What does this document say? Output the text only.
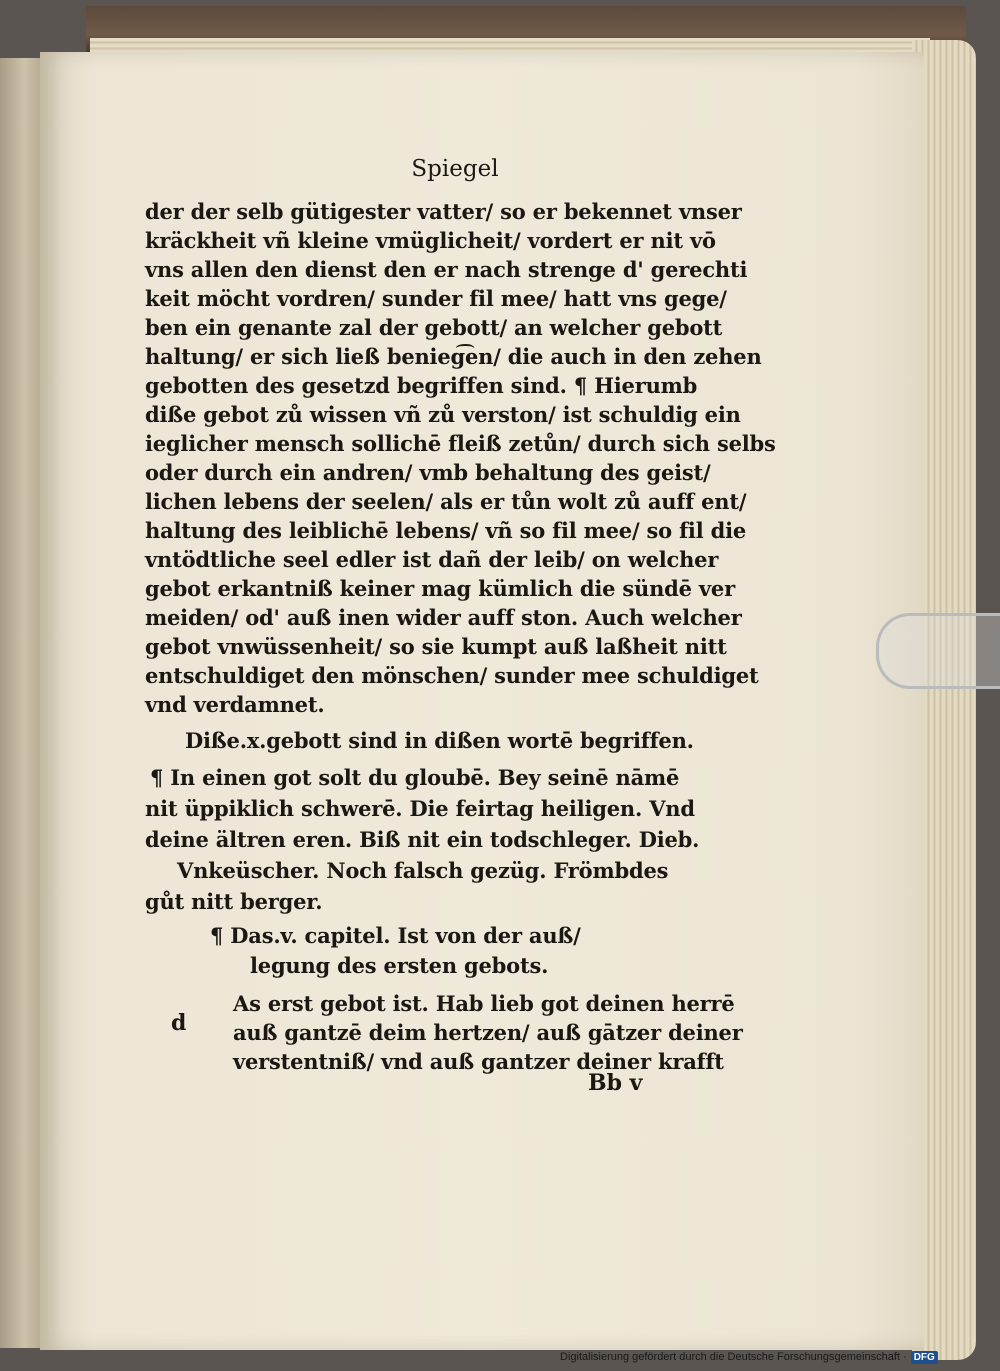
Spiegel
der der selb gütigester vatter/ so er bekennet vnser
kräckheit vñ kleine vmüglicheit/ vordert er nit vō
vns allen den dienst den er nach strenge d' gerechti
keit möcht vordren/ sunder fil mee/ hatt vns gege/
ben ein genante zal der gebott/ an welcher gebott
haltung/ er sich ließ benieg͡en/ die auch in den zehen
gebotten des gesetzd begriffen sind. ¶ Hierumb
diße gebot zů wissen vñ zů verston/ ist schuldig ein
ieglicher mensch sollichē fleiß zetůn/ durch sich selbs
oder durch ein andren/ vmb behaltung des geist/
lichen lebens der seelen/ als er tůn wolt zů auff ent/
haltung des leiblichē lebens/ vñ so fil mee/ so fil die
vntödtliche seel edler ist dañ der leib/ on welcher
gebot erkantniß keiner mag kümlich die sündē ver
meiden/ od' auß inen wider auff ston. Auch welcher
gebot vnwüssenheit/ so sie kumpt auß laßheit nitt
entschuldiget den mönschen/ sunder mee schuldiget
vnd verdamnet.
Diße.x.gebott sind in dißen wortē begriffen.
¶ In einen got solt du gloubē. Bey seinē nāmē
nit üppiklich schwerē. Die feirtag heiligen. Vnd
deine ältren eren. Biß nit ein todschleger. Dieb.
Vnkeüscher. Noch falsch gezüg. Frömbdes
gůt nitt berger.
¶ Das.v. capitel. Ist von der auß/
legung des ersten gebots.
As erst gebot ist. Hab lieb got deinen herrē
auß gantzē deim hertzen/ auß gātzer deiner
verstentniß/ vnd auß gantzer deiner krafft
d
Bb v
Digitalisierung gefördert durch die Deutsche Forschungsgemeinschaft · DFG
